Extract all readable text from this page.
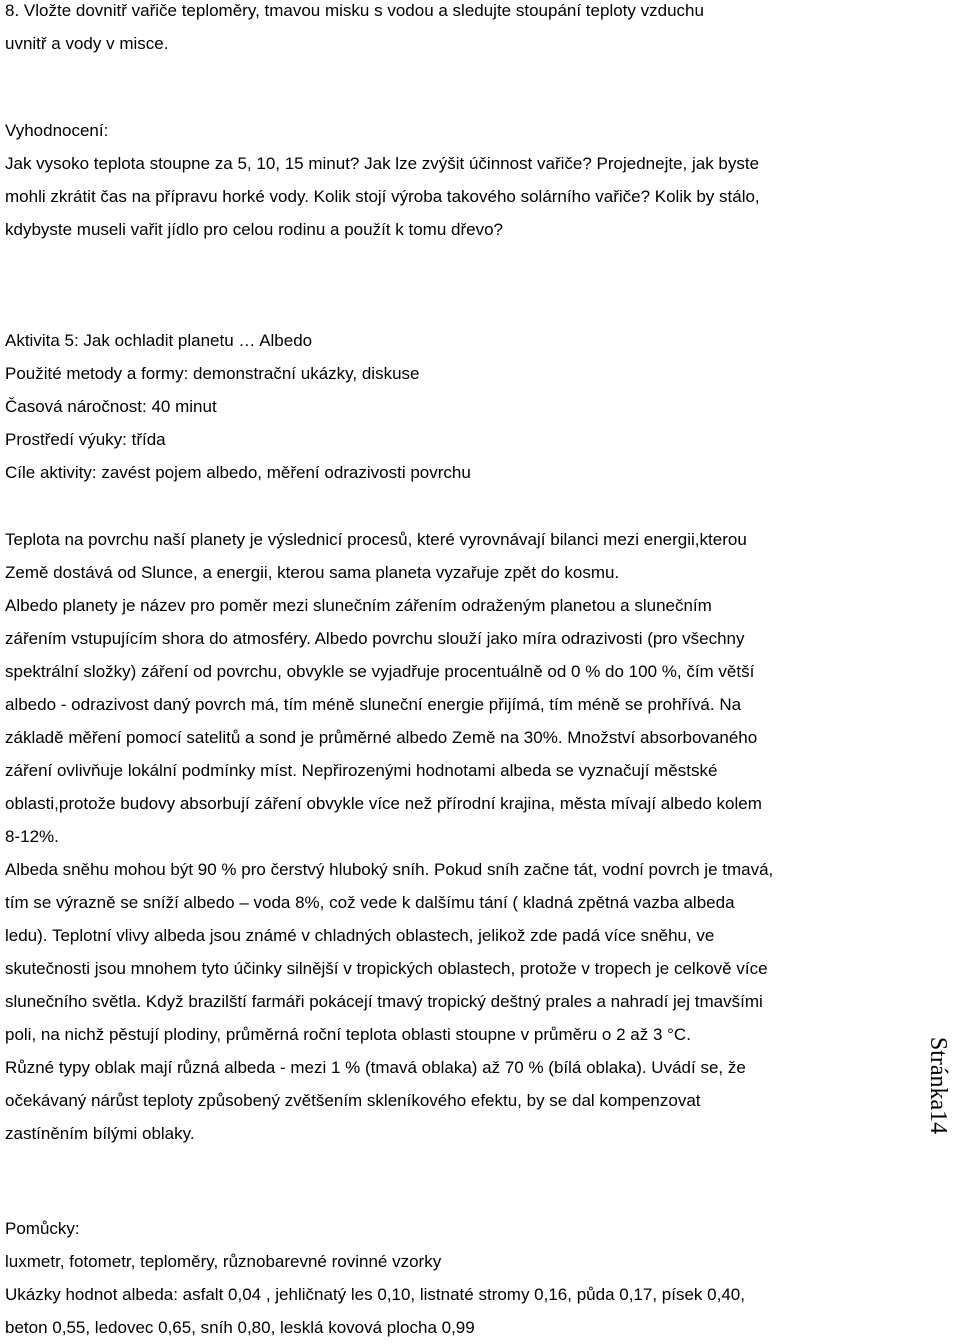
8. Vložte dovnitř vařiče teploměry, tmavou misku s vodou a sledujte stoupání teploty vzduchu
uvnitř a vody v misce.
Vyhodnocení:
Jak vysoko teplota stoupne za 5, 10, 15 minut? Jak lze zvýšit účinnost vařiče? Projednejte, jak byste
mohli zkrátit čas na přípravu horké vody. Kolik stojí výroba takového solárního vařiče? Kolik by stálo,
kdybyste museli vařit jídlo pro celou rodinu a použít k tomu dřevo?
Aktivita 5: Jak ochladit planetu … Albedo
Použité metody a formy: demonstrační ukázky, diskuse
Časová náročnost: 40 minut
Prostředí výuky: třída
Cíle aktivity: zavést pojem albedo, měření odrazivosti povrchu
Teplota na povrchu naší planety je výslednicí procesů, které vyrovnávají bilanci mezi energii,kterou
Země dostává od Slunce, a energii, kterou sama planeta vyzařuje zpět do kosmu.
Albedo planety je název pro poměr mezi slunečním zářením odraženým planetou a slunečním
zářením vstupujícím shora do atmosféry. Albedo povrchu slouží jako míra odrazivosti (pro všechny
spektrální složky) záření od povrchu, obvykle se vyjadřuje procentuálně od 0 % do 100 %, čím větší
albedo - odrazivost daný povrch má, tím méně sluneční energie přijímá, tím méně se prohřívá. Na
základě měření pomocí satelitů a sond je průměrné albedo Země na 30%. Množství absorbovaného
záření ovlivňuje lokální podmínky míst. Nepřirozenými hodnotami albeda se vyznačují městské
oblasti,protože budovy absorbují záření obvykle více než přírodní krajina, města mívají albedo kolem
8-12%.
Albeda sněhu mohou být 90 % pro čerstvý hluboký sníh. Pokud sníh začne tát, vodní povrch je tmavá,
tím se výrazně se sníží albedo – voda 8%, což vede k dalšímu tání ( kladná zpětná vazba albeda
ledu). Teplotní vlivy albeda jsou známé v chladných oblastech, jelikož zde padá více sněhu, ve
skutečnosti jsou mnohem tyto účinky silnější v tropických oblastech, protože v tropech je celkově více
slunečního světla. Když brazilští farmáři pokácejí tmavý tropický deštný prales a nahradí jej tmavšími
poli, na nichž pěstují plodiny, průměrná roční teplota oblasti stoupne v průměru o 2 až 3 °C.
Různé typy oblak mají různá albeda - mezi 1 % (tmavá oblaka) až 70 % (bílá oblaka). Uvádí se, že
očekávaný nárůst teploty způsobený zvětšením skleníkového efektu, by se dal kompenzovat
zastíněním bílými oblaky.
Pomůcky:
luxmetr, fotometr, teploměry, různobarevné rovinné vzorky
Ukázky hodnot albeda: asfalt 0,04 , jehličnatý les 0,10, listnaté stromy 0,16, půda 0,17, písek 0,40,
beton 0,55, ledovec 0,65, sníh 0,80, lesklá kovová plocha 0,99
Stránka14
